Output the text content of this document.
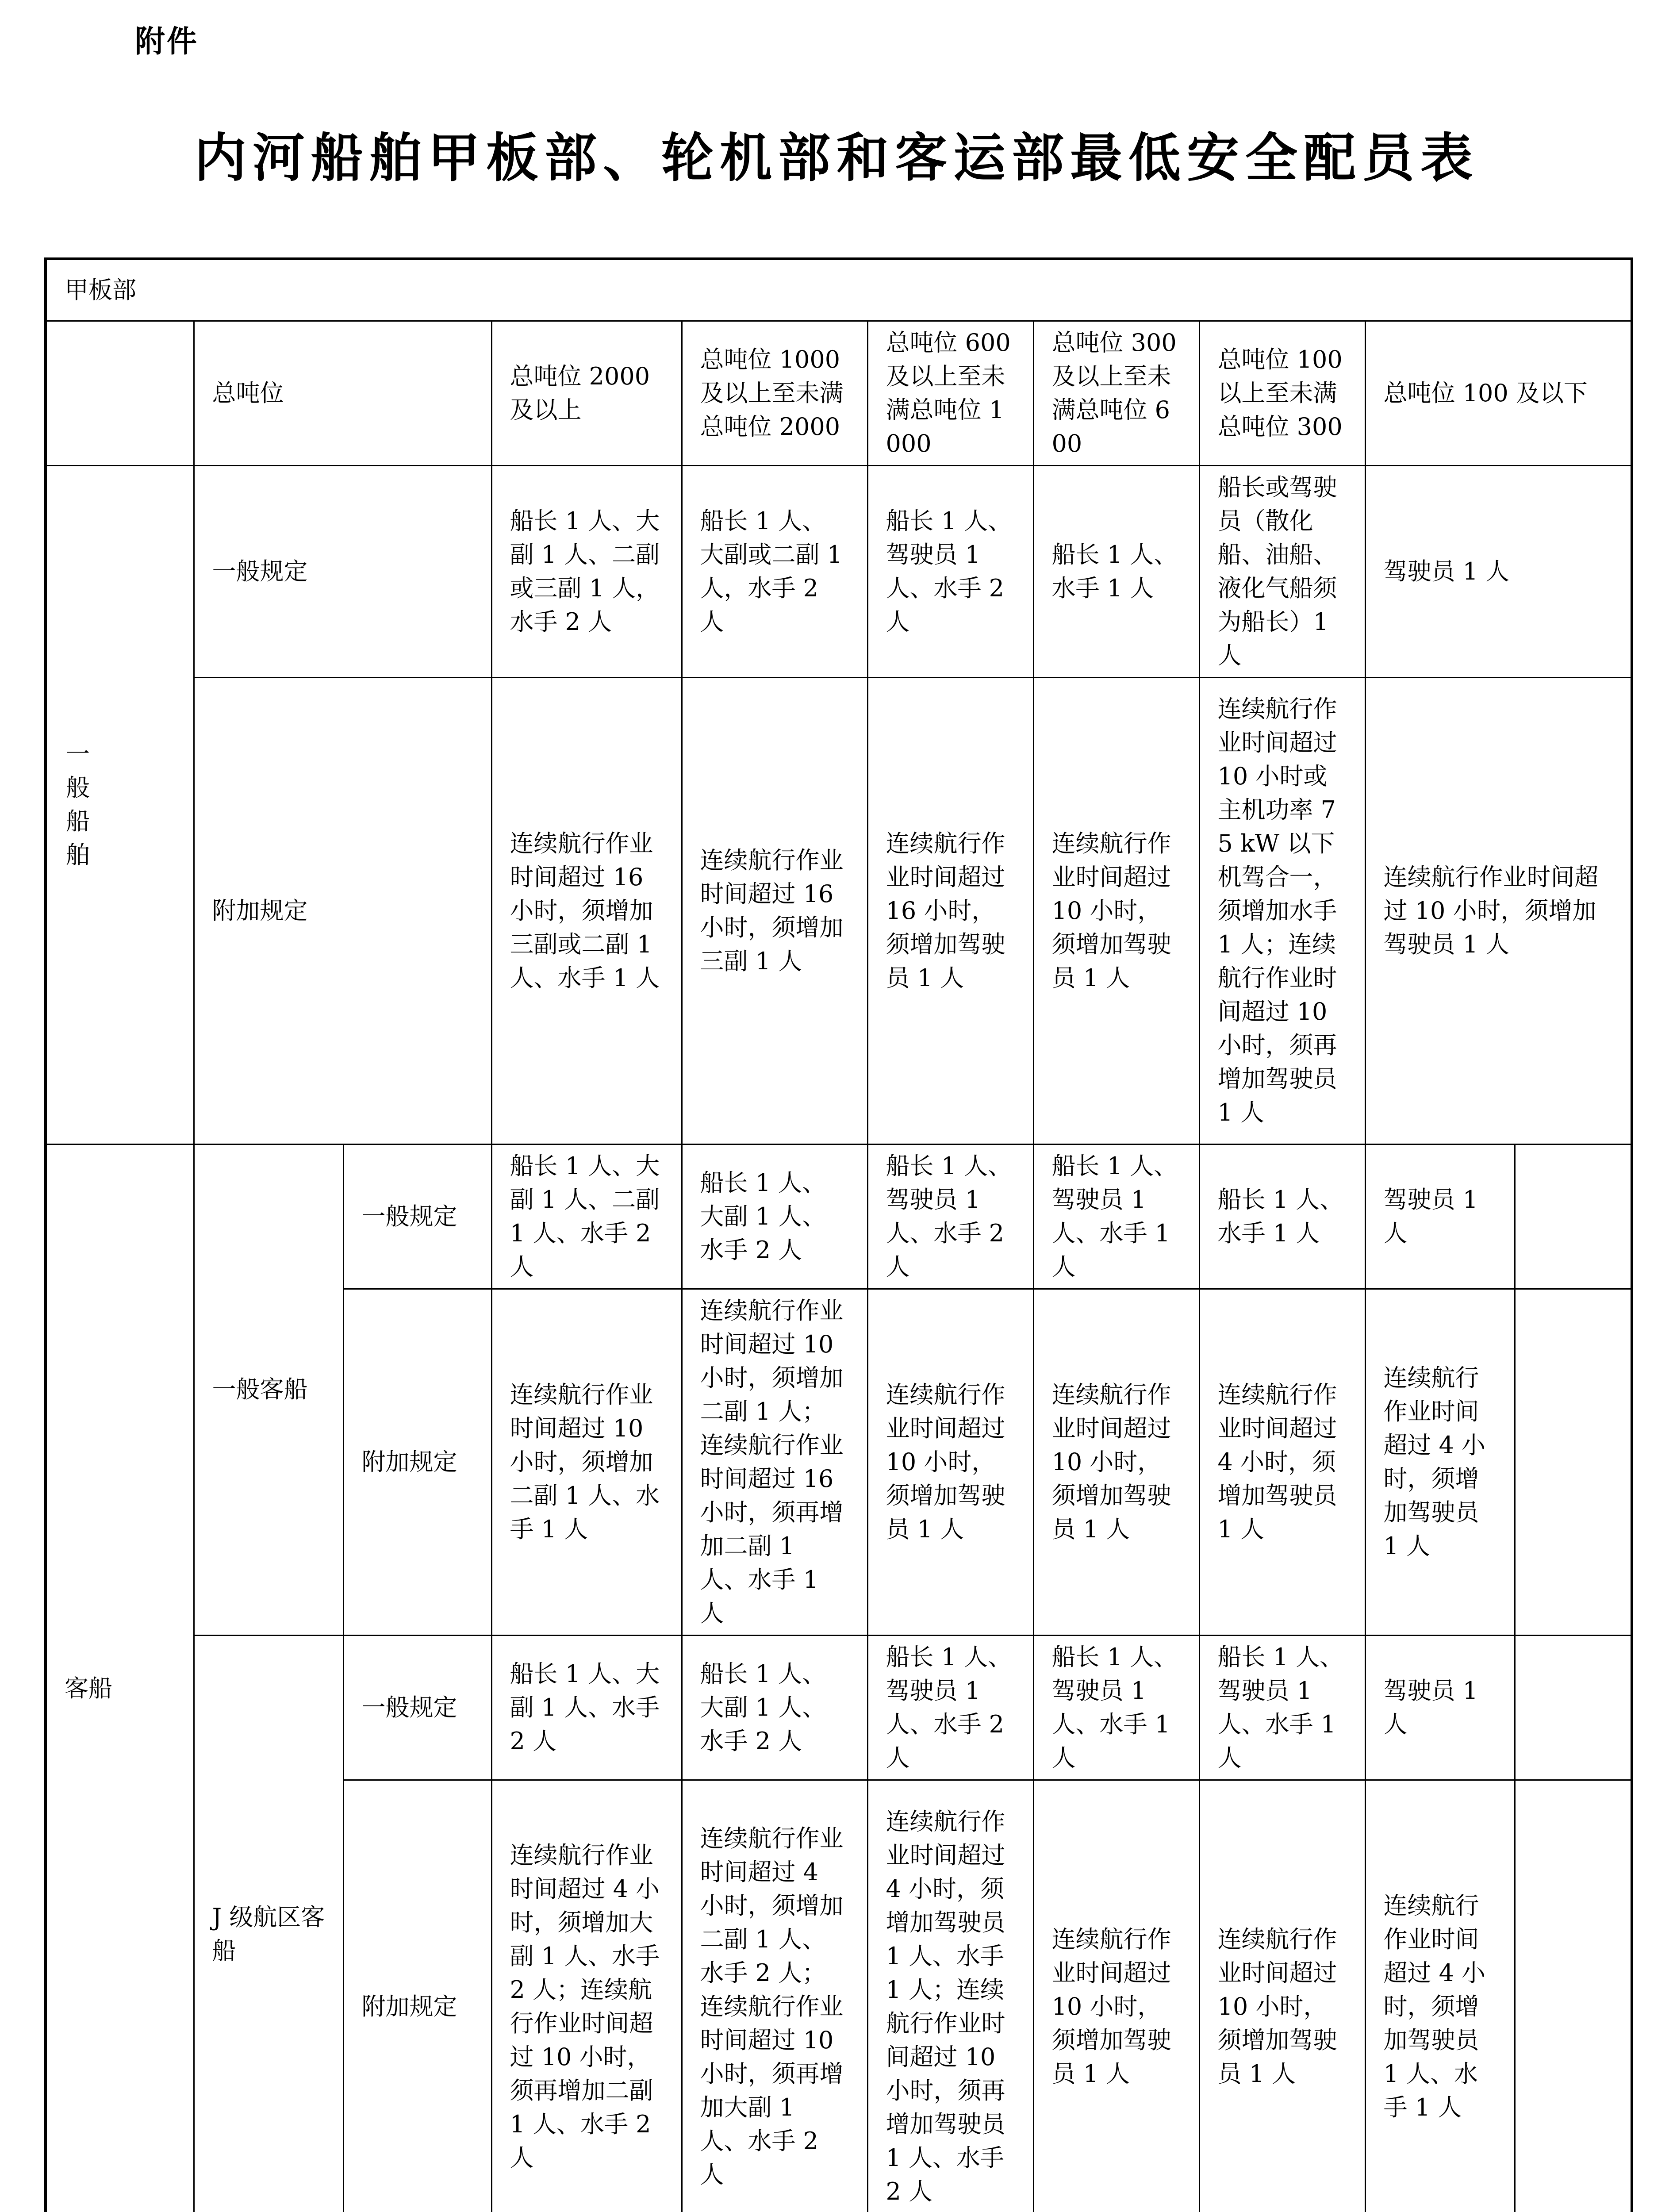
附件
内河船舶甲板部、轮机部和客运部最低安全配员表
甲板部									
	总吨位		总吨位 2000 及以上	总吨位 1000 及以上至未满总吨位 2000	总吨位 600 及以上至未满总吨位 1000	总吨位 300 及以上至未满总吨位 600	总吨位 100 以上至未满总吨位 300	总吨位 100 及以下	
一般船舶	一般规定		船长 1 人、大副 1 人、二副或三副 1 人，水手 2 人	船长 1 人、大副或二副 1 人，水手 2 人	船长 1 人、驾驶员 1 人、水手 2 人	船长 1 人、水手 1 人	船长或驾驶员（散化船、油船、液化气船须为船长）1 人	驾驶员 1 人	
	附加规定		连续航行作业时间超过 16 小时，须增加三副或二副 1 人、水手 1 人	连续航行作业时间超过 16 小时，须增加三副 1 人	连续航行作业时间超过 16 小时，须增加驾驶员 1 人	连续航行作业时间超过 10 小时，须增加驾驶员 1 人	连续航行作业时间超过 10 小时或主机功率 75 kW 以下机驾合一，须增加水手 1 人；连续航行作业时间超过 10 小时，须再增加驾驶员 1 人	连续航行作业时间超过 10 小时，须增加驾驶员 1 人	
客船	一般客船	一般规定	船长 1 人、大副 1 人、二副 1 人、水手 2 人	船长 1 人、大副 1 人、水手 2 人	船长 1 人、驾驶员 1 人、水手 2 人	船长 1 人、驾驶员 1 人、水手 1 人	船长 1 人、水手 1 人	驾驶员 1 人	
		附加规定	连续航行作业时间超过 10 小时，须增加二副 1 人、水手 1 人	连续航行作业时间超过 10 小时，须增加二副 1 人；连续航行作业时间超过 16 小时，须再增加二副 1 人、水手 1 人	连续航行作业时间超过 10 小时，须增加驾驶员 1 人	连续航行作业时间超过 10 小时，须增加驾驶员 1 人	连续航行作业时间超过 4 小时，须增加驾驶员 1 人	连续航行作业时间超过 4 小时，须增加驾驶员 1 人	
	J 级航区客船	一般规定	船长 1 人、大副 1 人、水手 2 人	船长 1 人、大副 1 人、水手 2 人	船长 1 人、驾驶员 1 人、水手 2 人	船长 1 人、驾驶员 1 人、水手 1 人	船长 1 人、驾驶员 1 人、水手 1 人	驾驶员 1 人	
		附加规定	连续航行作业时间超过 4 小时，须增加大副 1 人、水手 2 人；连续航行作业时间超过 10 小时，须再增加二副 1 人、水手 2 人	连续航行作业时间超过 4 小时，须增加二副 1 人、水手 2 人；连续航行作业时间超过 10 小时，须再增加大副 1 人、水手 2 人	连续航行作业时间超过 4 小时，须增加驾驶员 1 人、水手 1 人；连续航行作业时间超过 10 小时，须再增加驾驶员 1 人、水手 2 人	连续航行作业时间超过 10 小时，须增加驾驶员 1 人	连续航行作业时间超过 10 小时，须增加驾驶员 1 人	连续航行作业时间超过 4 小时，须增加驾驶员 1 人、水手 1 人	
